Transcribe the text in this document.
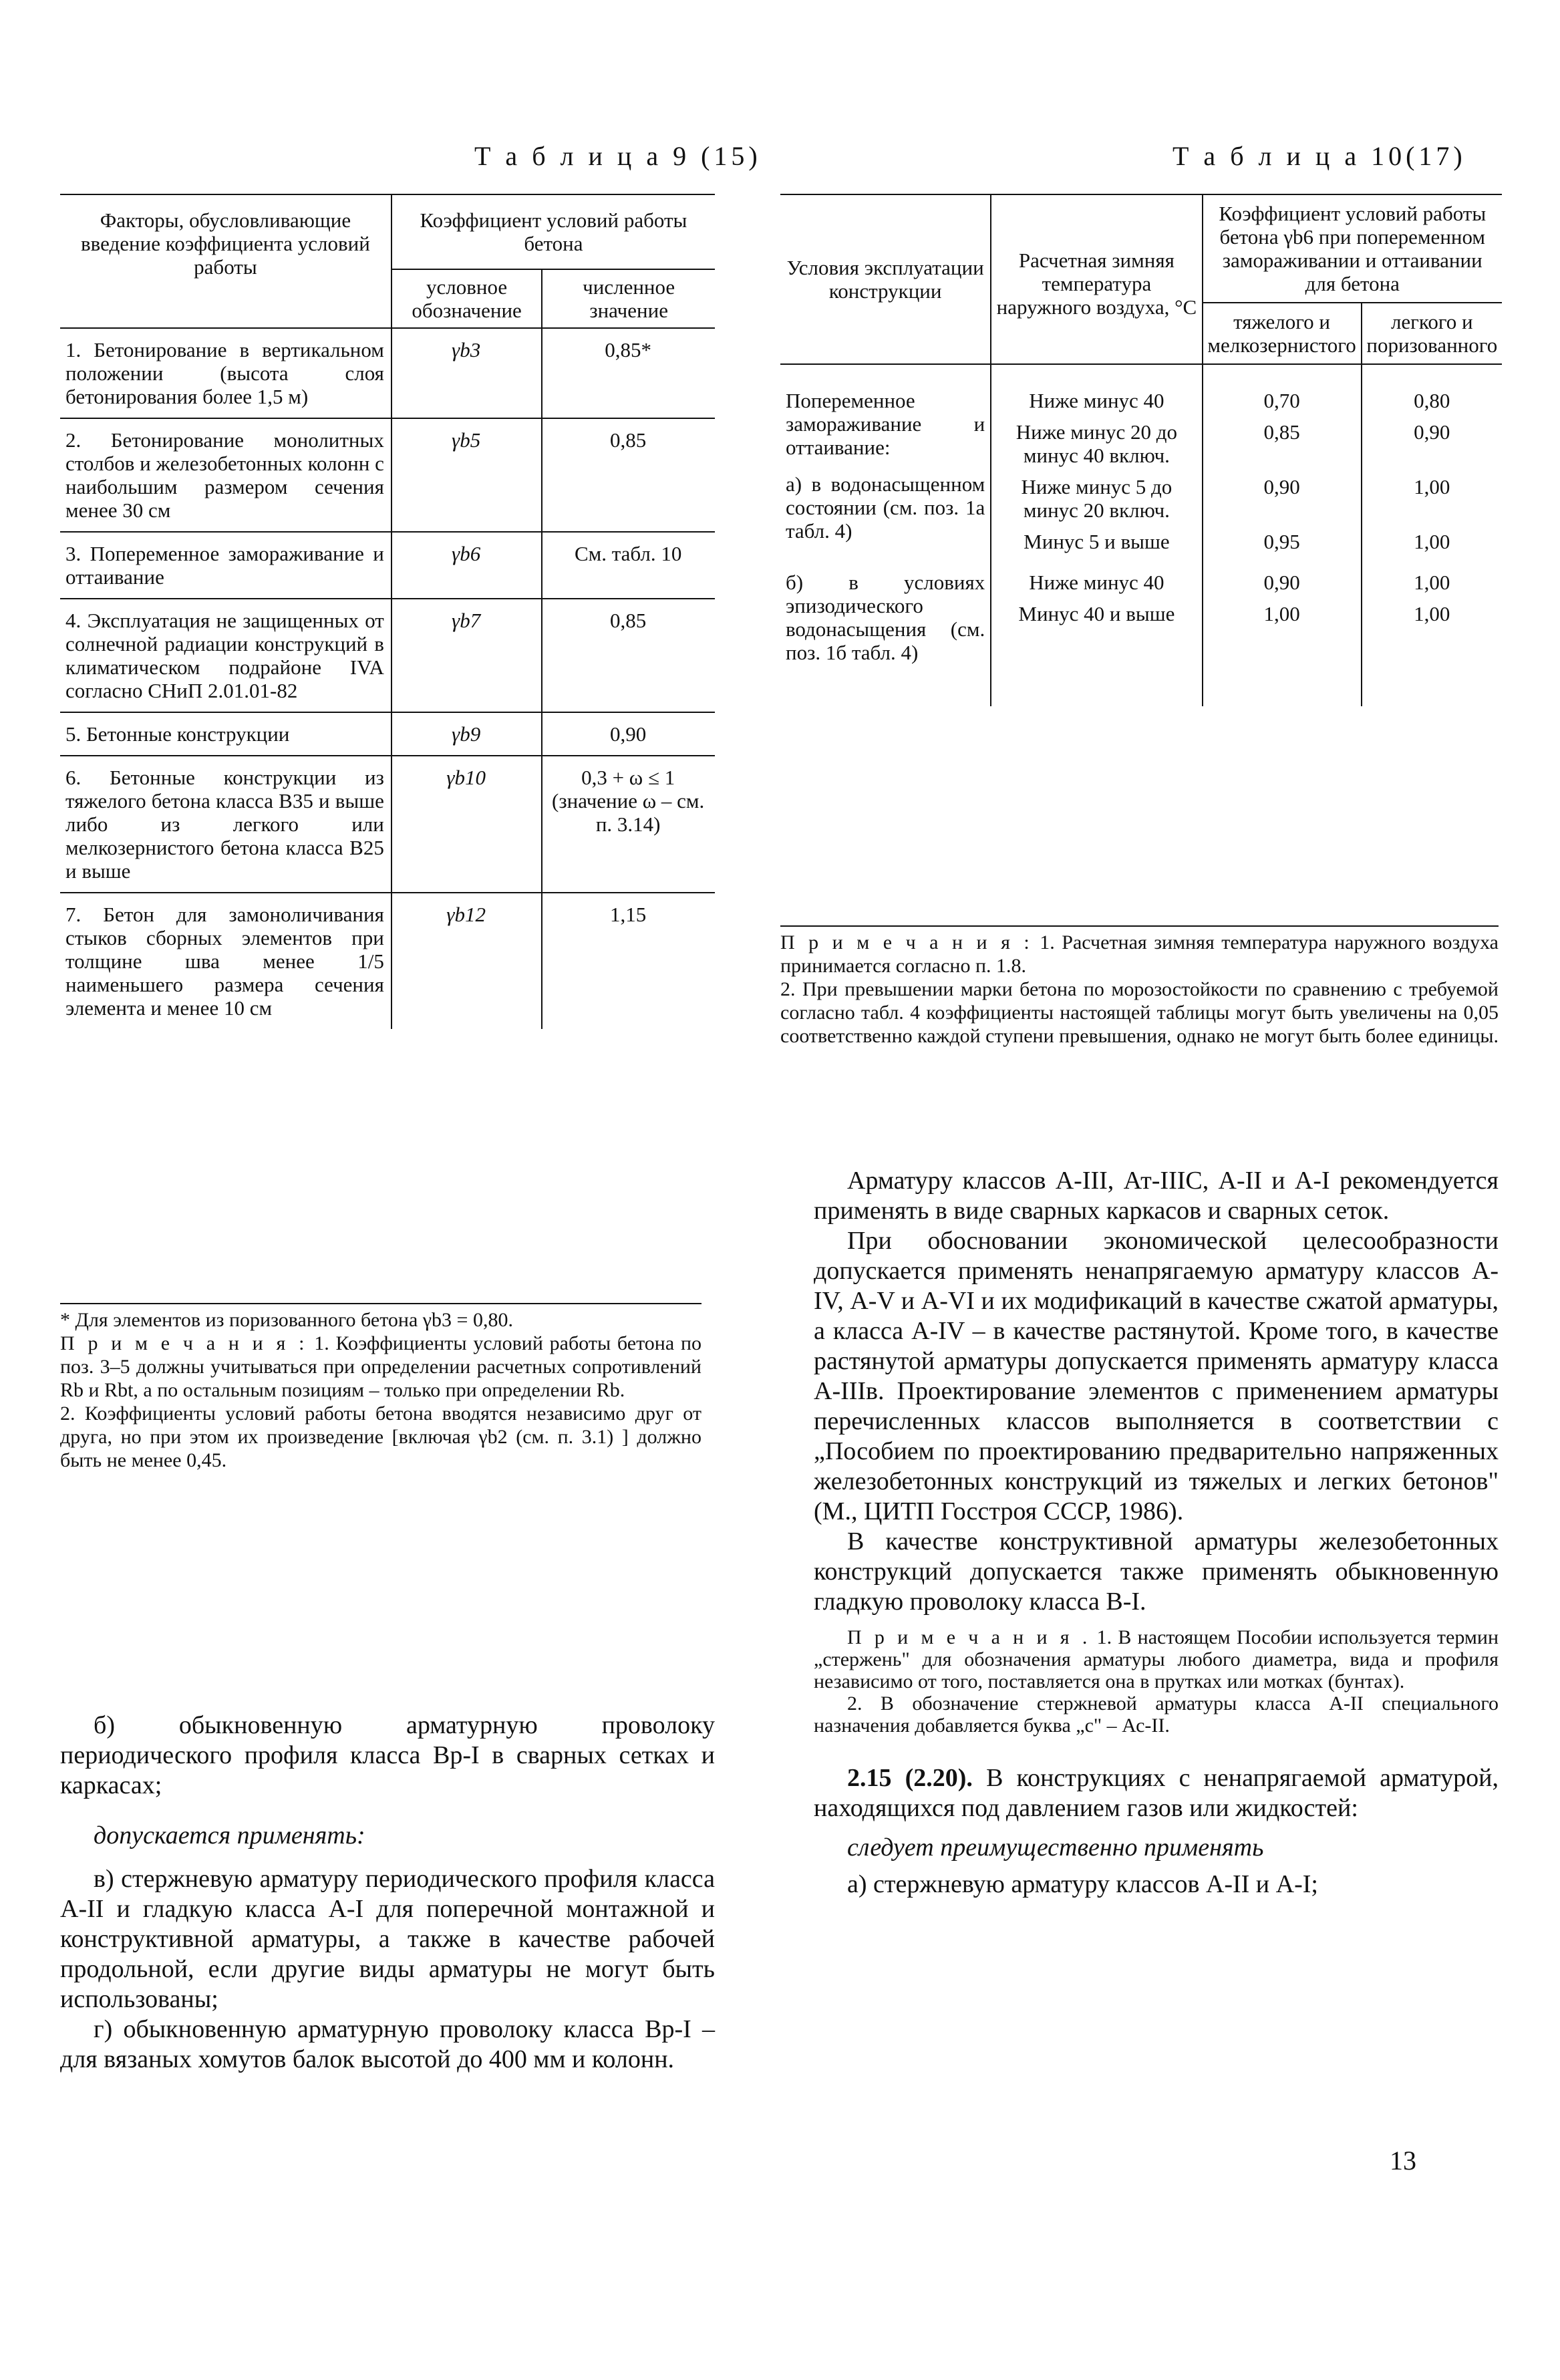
Т а б л и ц а 9 (15)
Факторы, обусловливающие введение коэффициента условий работы	Коэффициент условий работы бетона	
	условное обозначение	численное значение
1. Бетонирование в вертикальном положении (высота слоя бетонирования более 1,5 м)	γb3	0,85*
2. Бетонирование монолитных столбов и железобетонных колонн с наибольшим размером сечения менее 30 см	γb5	0,85
3. Попеременное замораживание и оттаивание	γb6	См. табл. 10
4. Эксплуатация не защищенных от солнечной радиации конструкций в климатическом подрайоне IVA согласно СНиП 2.01.01-82	γb7	0,85
5. Бетонные конструкции	γb9	0,90
6. Бетонные конструкции из тяжелого бетона класса В35 и выше либо из легкого или мелкозернистого бетона класса В25 и выше	γb10	0,3 + ω ≤ 1 (значение ω – см. п. 3.14)
7. Бетон для замоноличивания стыков сборных элементов при толщине шва менее 1/5 наименьшего размера сечения элемента и менее 10 см	γb12	1,15
* Для элементов из поризованного бетона γb3 = 0,80.
П р и м е ч а н и я : 1. Коэффициенты условий работы бетона по поз. 3–5 должны учитываться при определении расчетных сопротивлений Rb и Rbt, а по остальным позициям – только при определении Rb.
2. Коэффициенты условий работы бетона вводятся независимо друг от друга, но при этом их произведение [включая γb2 (см. п. 3.1) ] должно быть не менее 0,45.
Т а б л и ц а 10(17)
Условия эксплуатации конструкции	Расчетная зимняя температура наружного воздуха, °С	Коэффициент условий работы бетона γb6 при попеременном замораживании и оттаивании для бетона	
		тяжелого и мелкозернистого	легкого и поризованного

Попеременное замораживание и оттаивание:
а) в водонасыщенном состоянии (см. поз. 1а табл. 4)	Ниже минус 40	0,70	0,80
	Ниже минус 20 до минус 40 включ.	0,85	0,90
	Ниже минус 5 до минус 20 включ.	0,90	1,00
	Минус 5 и выше	0,95	1,00
б) в условиях эпизодического водонасыщения (см. поз. 1б табл. 4)	Ниже минус 40	0,90	1,00
	Минус 40 и выше	1,00	1,00
П р и м е ч а н и я : 1. Расчетная зимняя температура наружного воздуха принимается согласно п. 1.8.
2. При превышении марки бетона по морозостойкости по сравнению с требуемой согласно табл. 4 коэффициенты настоящей таблицы могут быть увеличены на 0,05 соответственно каждой ступени превышения, однако не могут быть более единицы.

Арматуру классов А-III, Ат-IIIС, А-II и А-I рекомендуется применять в виде сварных каркасов и сварных сеток.

При обосновании экономической целесообразности допускается применять ненапрягаемую арматуру классов А-IV, А-V и А-VI и их модификаций в качестве сжатой арматуры, а класса А-IV – в качестве растянутой. Кроме того, в качестве растянутой арматуры допускается применять арматуру класса А-IIIв. Проектирование элементов с применением арматуры перечисленных классов выполняется в соответствии с „Пособием по проектированию предварительно напряженных железобетонных конструкций из тяжелых и легких бетонов" (М., ЦИТП Госстроя СССР, 1986).

В качестве конструктивной арматуры железобетонных конструкций допускается также применять обыкновенную гладкую проволоку класса В-I.

П р и м е ч а н и я . 1. В настоящем Пособии используется термин „стержень" для обозначения арматуры любого диаметра, вида и профиля независимо от того, поставляется она в прутках или мотках (бунтах).

2. В обозначение стержневой арматуры класса А-II специального назначения добавляется буква „с" – Ас-II.

2.15 (2.20). В конструкциях с ненапрягаемой арматурой, находящихся под давлением газов или жидкостей:

следует преимущественно применять

а) стержневую арматуру классов А-II и А-I;

б) обыкновенную арматурную проволоку периодического профиля класса Вр-I в сварных сетках и каркасах;

допускается применять:

в) стержневую арматуру периодического профиля класса А-II и гладкую класса А-I для поперечной монтажной и конструктивной арматуры, а также в качестве рабочей продольной, если другие виды арматуры не могут быть использованы;

г) обыкновенную арматурную проволоку класса Вр-I – для вязаных хомутов балок высотой до 400 мм и колонн.

13
